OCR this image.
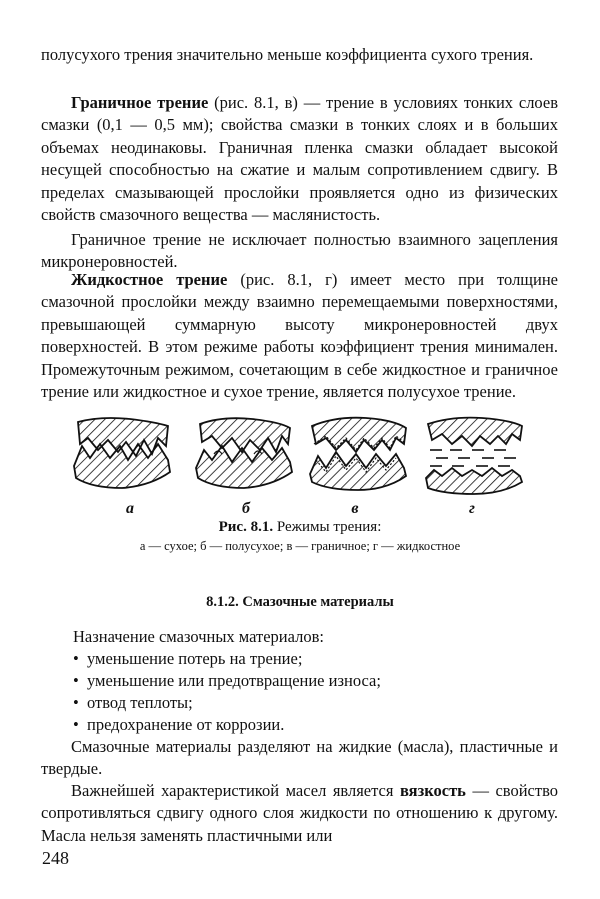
полусухого трения значительно меньше коэффициента сухого трения.

Граничное трение (рис. 8.1, в) — трение в условиях тонких слоев смазки (0,1 — 0,5 мм); свойства смазки в тонких слоях и в больших объемах неодинаковы. Граничная пленка смазки обладает высокой несущей способностью на сжатие и малым сопротивлением сдвигу. В пределах смазывающей прослойки проявляется одно из физических свойств смазочного вещества — маслянистость.

Граничное трение не исключает полностью взаимного зацепления микронеровностей.

Жидкостное трение (рис. 8.1, г) имеет место при толщине смазочной прослойки между взаимно перемещаемыми поверхностями, превышающей суммарную высоту микронеровностей двух поверхностей. В этом режиме работы коэффициент трения минимален. Промежуточным режимом, сочетающим в себе жидкостное и граничное трение или жидкостное и сухое трение, является полусухое трение.

а	б	в	г
Рис. 8.1. Режимы трения:
а — сухое; б — полусухое; в — граничное; г — жидкостное
8.1.2. Смазочные материалы
Назначение смазочных материалов:
• уменьшение потерь на трение;
• уменьшение или предотвращение износа;
• отвод теплоты;
• предохранение от коррозии.

Смазочные материалы разделяют на жидкие (масла), пластичные и твердые.

Важнейшей характеристикой масел является вязкость — свойство сопротивляться сдвигу одного слоя жидкости по отношению к другому. Масла нельзя заменять пластичными или

248
